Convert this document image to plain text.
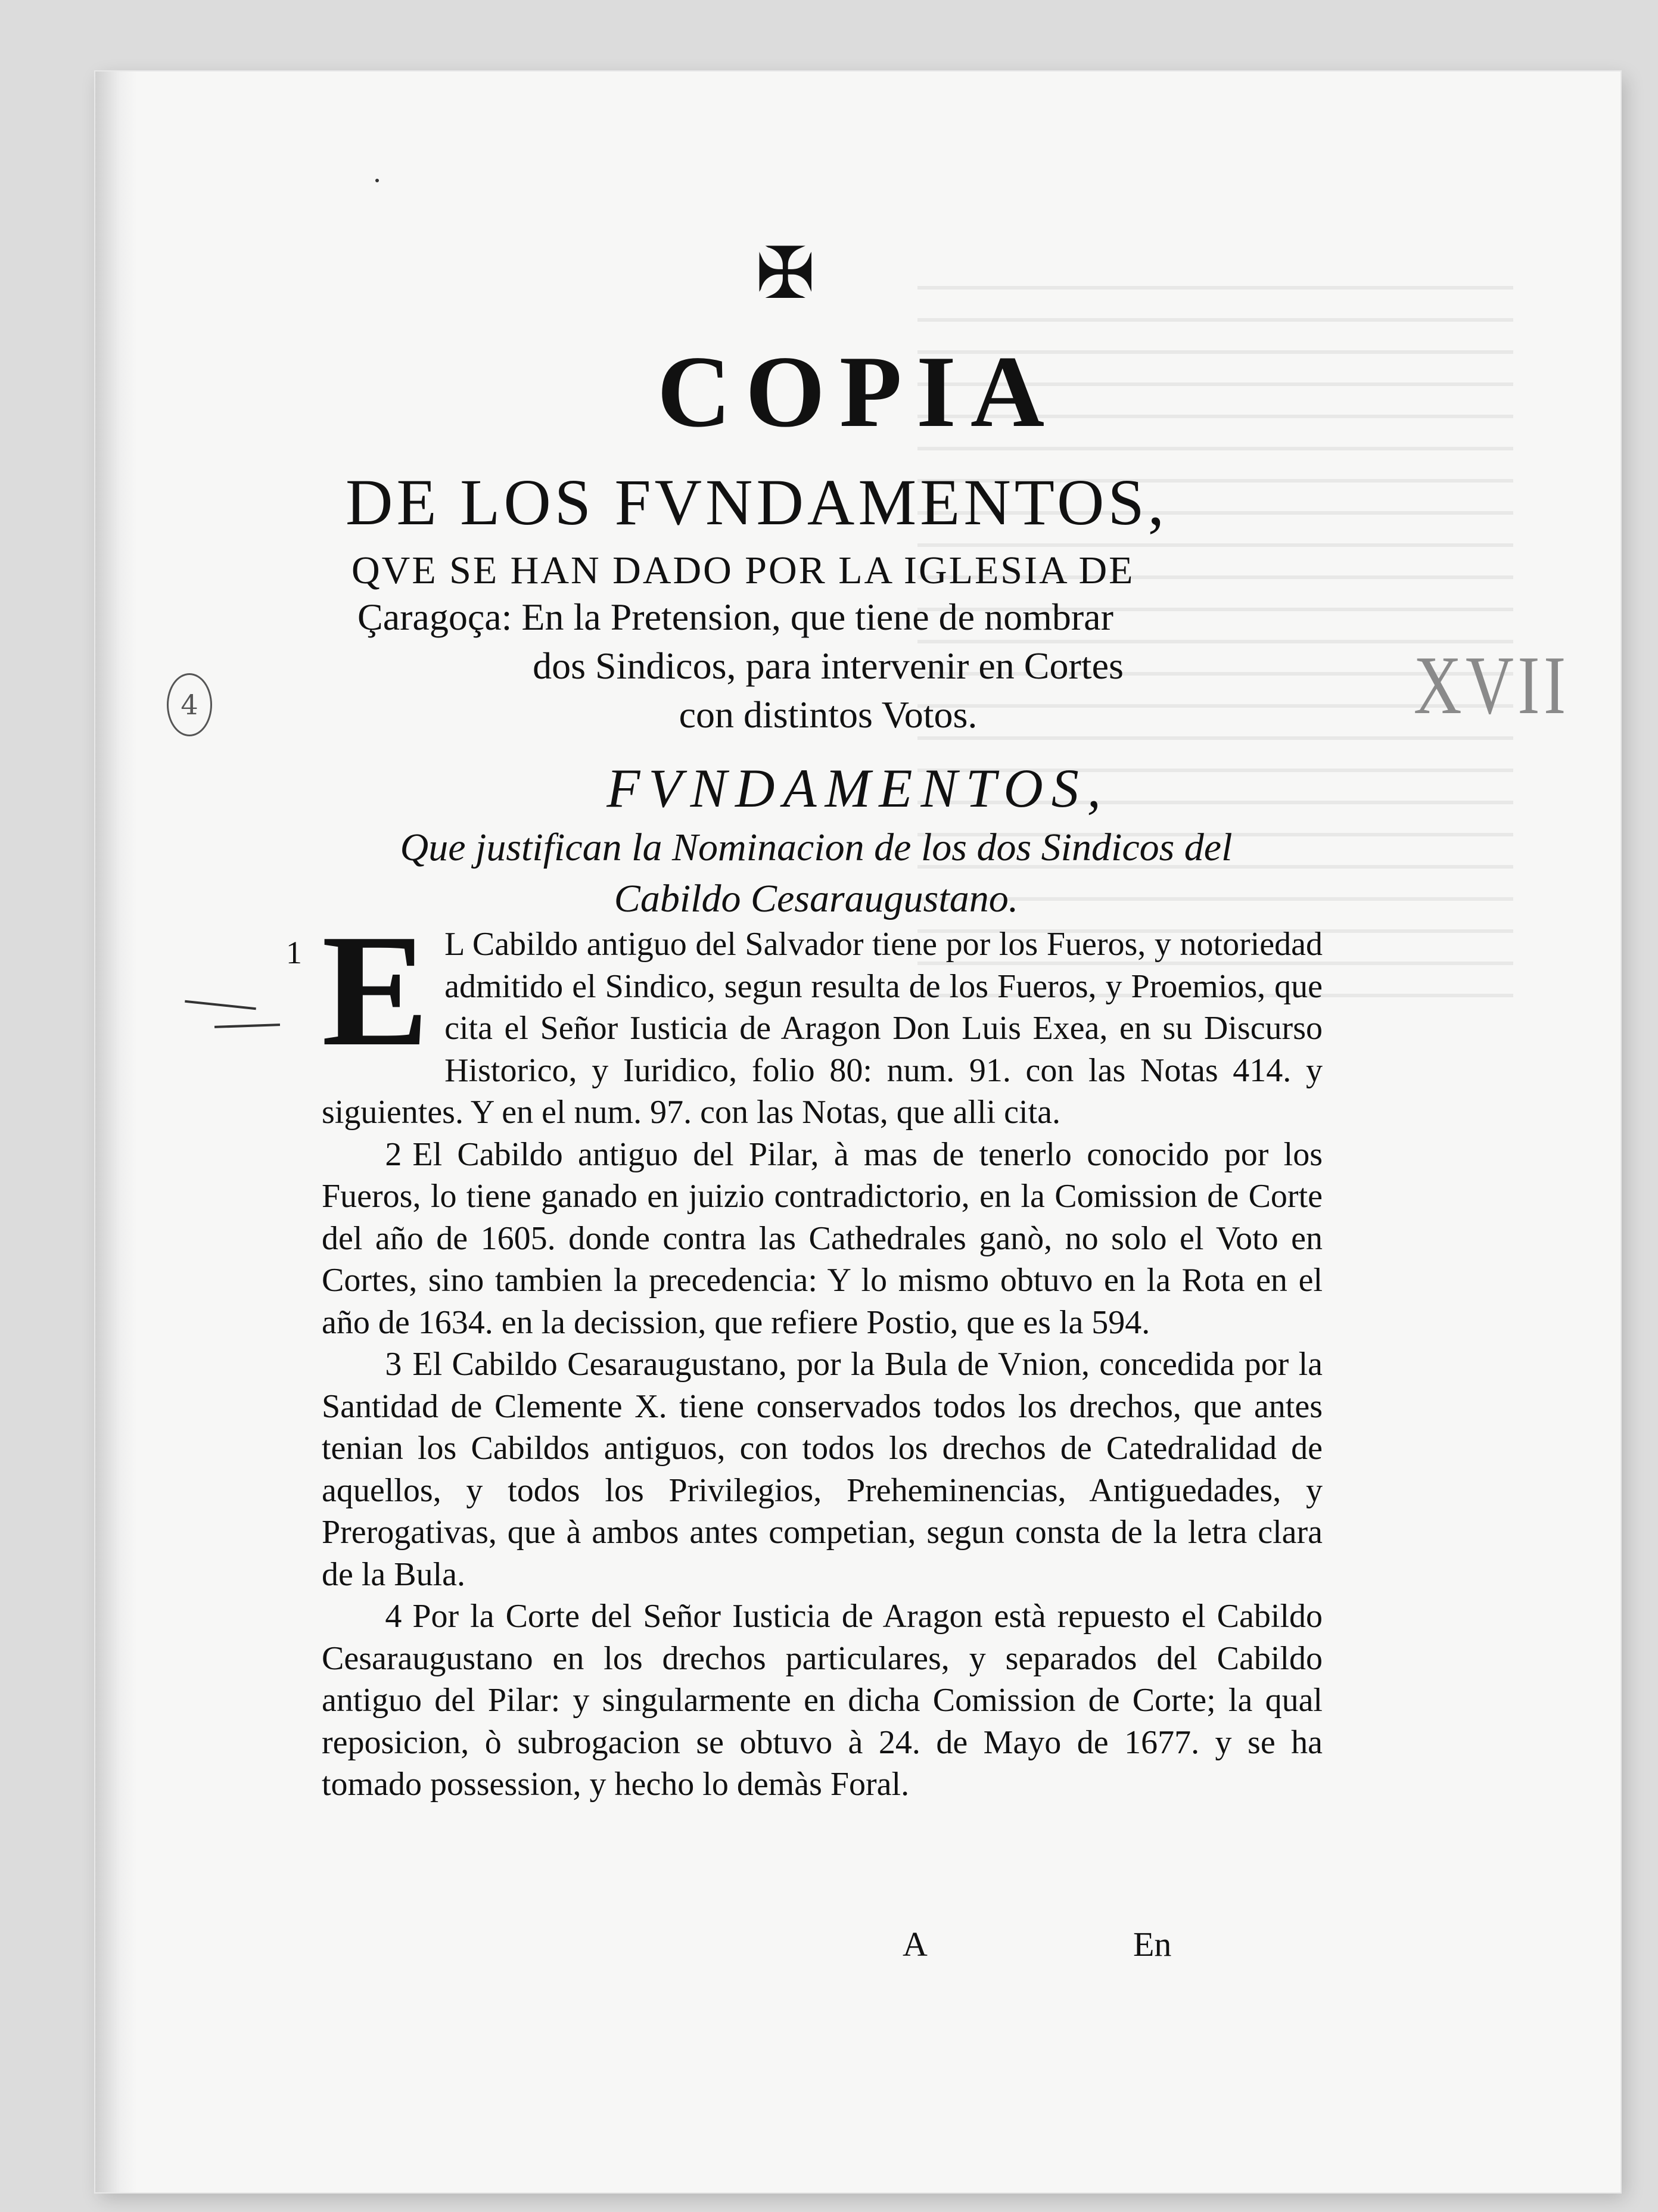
✠
COPIA
DE LOS FVNDAMENTOS,
QVE SE HAN DADO POR LA IGLESIA DE
Çaragoça: En la Pretension, que tiene de nombrar
dos Sindicos, para intervenir en Cortes
con distintos Votos.
4	XVII
FVNDAMENTOS,
Que justifican la Nominacion de los dos Sindicos del
Cabildo Cesaraugustano.

1 E L Cabildo antiguo del Salvador tiene por los Fueros, y notoriedad admitido el Sindico, segun resulta de los Fueros, y Proemios, que cita el Señor Iusticia de Aragon Don Luis Exea, en su Discurso Historico, y Iuridico, folio 80: num. 91. con las Notas 414. y siguientes. Y en el num. 97. con las Notas, que alli cita.

2 El Cabildo antiguo del Pilar, à mas de tenerlo conocido por los Fueros, lo tiene ganado en juizio contradictorio, en la Comission de Corte del año de 1605. donde contra las Cathedrales ganò, no solo el Voto en Cortes, sino tambien la precedencia: Y lo mismo obtuvo en la Rota en el año de 1634. en la decission, que refiere Postio, que es la 594.

3 El Cabildo Cesaraugustano, por la Bula de Vnion, concedida por la Santidad de Clemente X. tiene conservados todos los drechos, que antes tenian los Cabildos antiguos, con todos los drechos de Catedralidad de aquellos, y todos los Privilegios, Preheminencias, Antiguedades, y Prerogativas, que à ambos antes competian, segun consta de la letra clara de la Bula.

4 Por la Corte del Señor Iusticia de Aragon està repuesto el Cabildo Cesaraugustano en los drechos particulares, y separados del Cabildo antiguo del Pilar: y singularmente en dicha Comission de Corte; la qual reposicion, ò subrogacion se obtuvo à 24. de Mayo de 1677. y se ha tomado possession, y hecho lo demàs Foral.

A	En
